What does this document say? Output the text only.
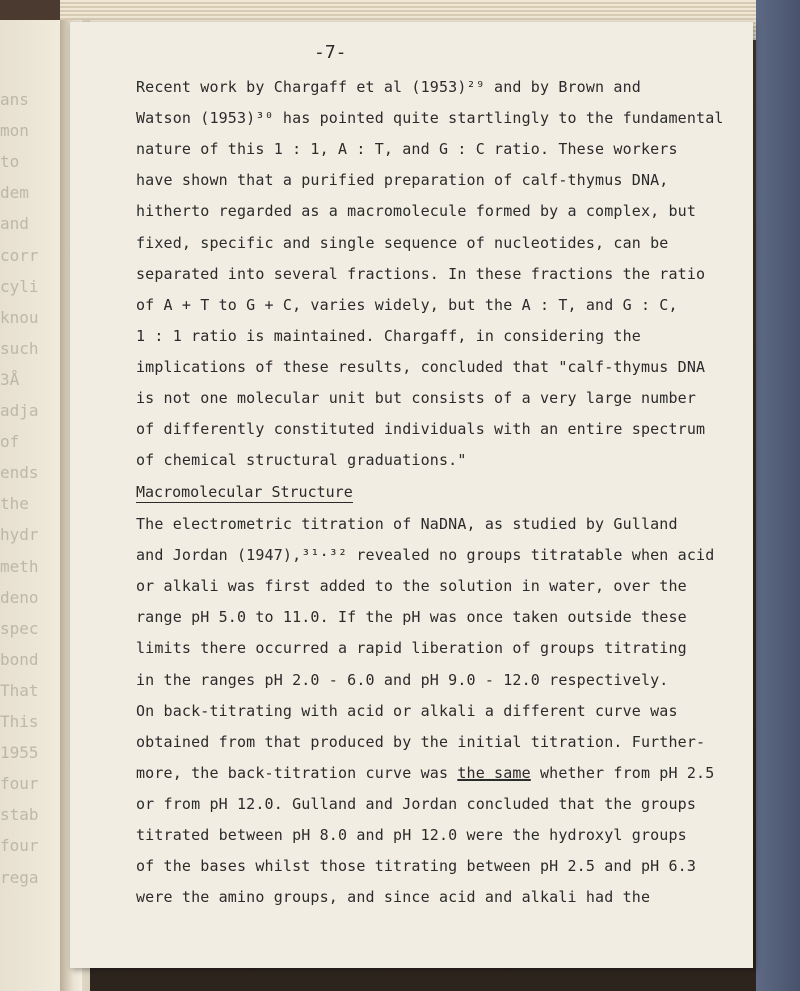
ans
mon
to
dem
and
corr
cyli
knou
such
3Å
adja
of
ends
the
hydr
meth
deno
spec
bond
That
This
1955
four
stab
four
rega
-7-
Recent work by Chargaff et al (1953)²⁹ and by Brown and
Watson (1953)³⁰ has pointed quite startlingly to the fundamental
nature of this 1 : 1, A : T, and G : C ratio. These workers
have shown that a purified preparation of calf-thymus DNA,
hitherto regarded as a macromolecule formed by a complex, but
fixed, specific and single sequence of nucleotides, can be
separated into several fractions. In these fractions the ratio
of A + T to G + C, varies widely, but the A : T, and G : C,
1 : 1 ratio is maintained. Chargaff, in considering the
implications of these results, concluded that "calf-thymus DNA
is not one molecular unit but consists of a very large number
of differently constituted individuals with an entire spectrum
of chemical structural graduations."
Macromolecular Structure
The electrometric titration of NaDNA, as studied by Gulland
and Jordan (1947),³¹·³² revealed no groups titratable when acid
or alkali was first added to the solution in water, over the
range pH 5.0 to 11.0. If the pH was once taken outside these
limits there occurred a rapid liberation of groups titrating
in the ranges pH 2.0 - 6.0 and pH 9.0 - 12.0 respectively.
On back-titrating with acid or alkali a different curve was
obtained from that produced by the initial titration. Further-
more, the back-titration curve was the same whether from pH 2.5
or from pH 12.0. Gulland and Jordan concluded that the groups
titrated between pH 8.0 and pH 12.0 were the hydroxyl groups
of the bases whilst those titrating between pH 2.5 and pH 6.3
were the amino groups, and since acid and alkali had the
